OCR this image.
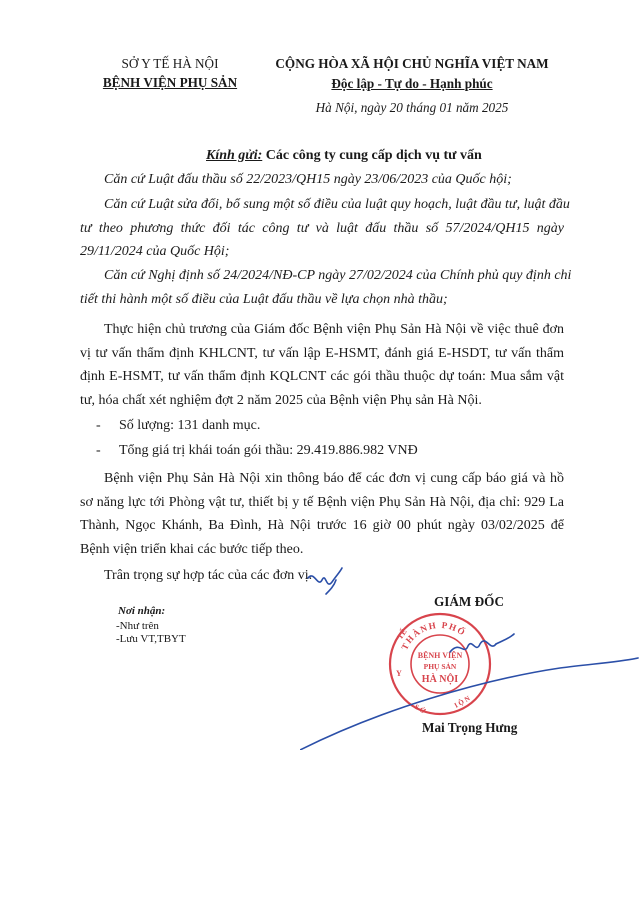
SỞ Y TẾ HÀ NỘI
BỆNH VIỆN PHỤ SẢN
CỘNG HÒA XÃ HỘI CHỦ NGHĨA VIỆT NAM
Độc lập - Tự do - Hạnh phúc
Hà Nội, ngày 20 tháng 01 năm 2025
Kính gửi: Các công ty cung cấp dịch vụ tư vấn
Căn cứ Luật đấu thầu số 22/2023/QH15 ngày 23/06/2023 của Quốc hội;
Căn cứ Luật sửa đổi, bổ sung một số điều của luật quy hoạch, luật đầu tư, luật đầu
tư theo phương thức đối tác công tư và luật đấu thầu số 57/2024/QH15 ngày
29/11/2024 của Quốc Hội;
Căn cứ Nghị định số 24/2024/NĐ-CP ngày 27/02/2024 của Chính phủ quy định chi
tiết thi hành một số điều của Luật đấu thầu về lựa chọn nhà thầu;
Thực hiện chủ trương của Giám đốc Bệnh viện Phụ Sản Hà Nội về việc thuê đơn
vị tư vấn thẩm định KHLCNT, tư vấn lập E-HSMT, đánh giá E-HSDT, tư vấn thẩm
định E-HSMT, tư vấn thẩm định KQLCNT các gói thầu thuộc dự toán: Mua sắm vật
tư, hóa chất xét nghiệm đợt 2 năm 2025 của Bệnh viện Phụ sản Hà Nội.
- Số lượng: 131 danh mục.
- Tổng giá trị khái toán gói thầu: 29.419.886.982 VNĐ
Bệnh viện Phụ Sản Hà Nội xin thông báo để các đơn vị cung cấp báo giá và hồ
sơ năng lực tới Phòng vật tư, thiết bị y tế Bệnh viện Phụ Sản Hà Nội, địa chỉ: 929 La
Thành, Ngọc Khánh, Ba Đình, Hà Nội trước 16 giờ 00 phút ngày 03/02/2025 để
Bệnh viện triển khai các bước tiếp theo.
Trân trọng sự hợp tác của các đơn vị.
Nơi nhận:
-Như trên
-Lưu VT,TBYT
GIÁM ĐỐC
THÀNH PHỐ
TẾ
Y
BỆNH VIỆN
PHỤ SẢN
HÀ NỘI
S Ở	I Ộ N
Mai Trọng Hưng
